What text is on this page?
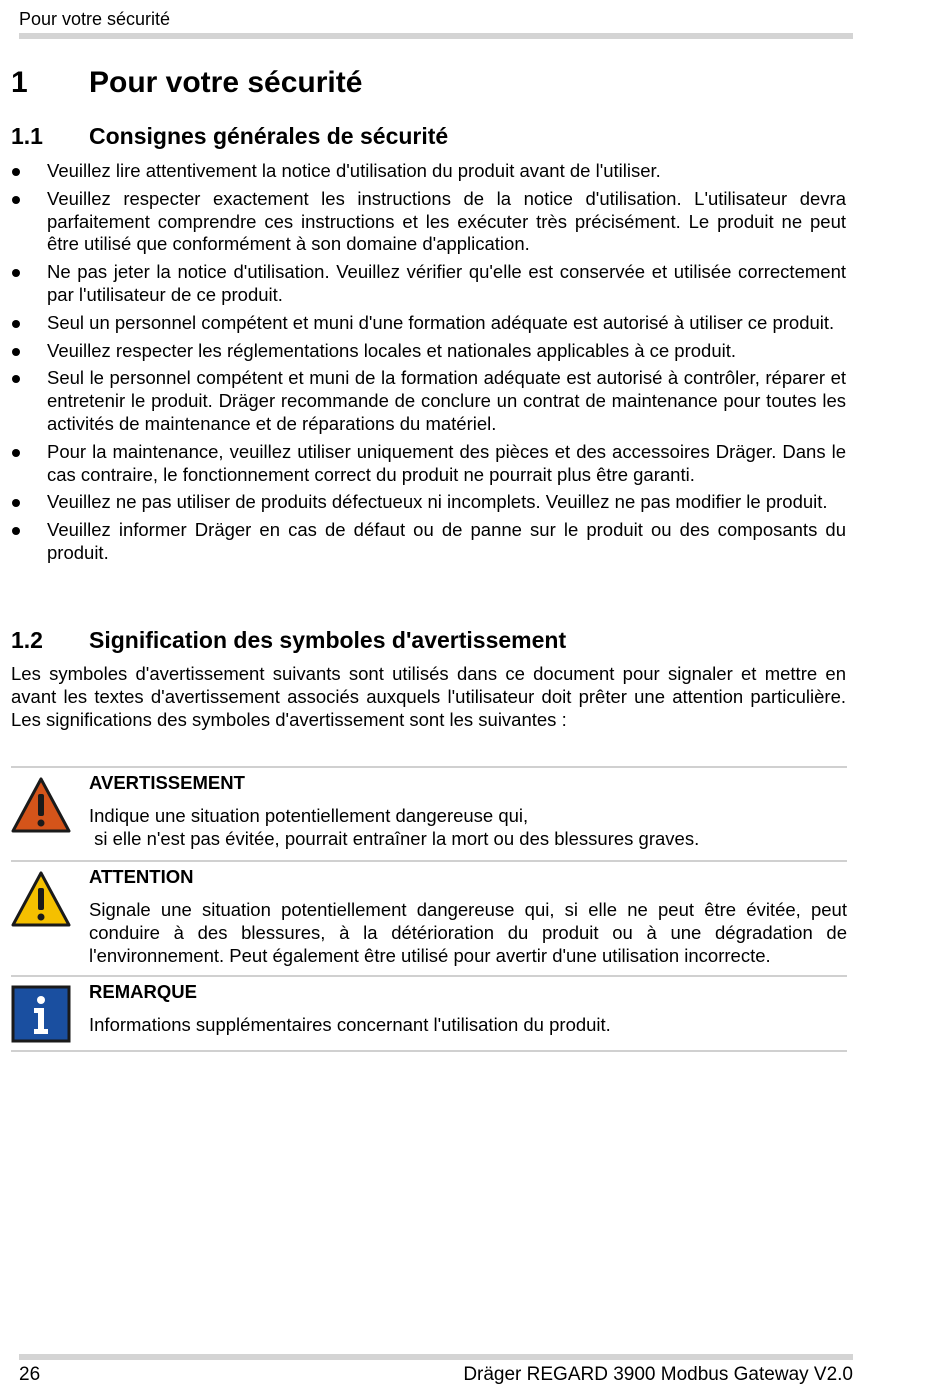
Pour votre sécurité
1 Pour votre sécurité
1.1 Consignes générales de sécurité
Veuillez lire attentivement la notice d'utilisation du produit avant de l'utiliser.
Veuillez respecter exactement les instructions de la notice d'utilisation. L'utilisateur devra parfaitement comprendre ces instructions et les exécuter très précisément. Le produit ne peut être utilisé que conformément à son domaine d'application.
Ne pas jeter la notice d'utilisation. Veuillez vérifier qu'elle est conservée et utilisée correctement par l'utilisateur de ce produit.
Seul un personnel compétent et muni d'une formation adéquate est autorisé à utiliser ce produit.
Veuillez respecter les réglementations locales et nationales applicables à ce produit.
Seul le personnel compétent et muni de la formation adéquate est autorisé à contrôler, réparer et entretenir le produit. Dräger recommande de conclure un contrat de maintenance pour toutes les activités de maintenance et de réparations du matériel.
Pour la maintenance, veuillez utiliser uniquement des pièces et des accessoires Dräger. Dans le cas contraire, le fonctionnement correct du produit ne pourrait plus être garanti.
Veuillez ne pas utiliser de produits défectueux ni incomplets. Veuillez ne pas modifier le produit.
Veuillez informer Dräger en cas de défaut ou de panne sur le produit ou des composants du produit.
1.2 Signification des symboles d'avertissement

Les symboles d'avertissement suivants sont utilisés dans ce document pour signaler et mettre en avant les textes d'avertissement associés auxquels l'utilisateur doit prêter une attention particulière. Les significations des symboles d'avertissement sont les suivantes :

AVERTISSEMENT
Indique une situation potentiellement dangereuse qui,
si elle n'est pas évitée, pourrait entraîner la mort ou des blessures graves.
ATTENTION
Signale une situation potentiellement dangereuse qui, si elle ne peut être évitée, peut conduire à des blessures, à la détérioration du produit ou à une dégradation de l'environnement. Peut également être utilisé pour avertir d'une utilisation incorrecte.
REMARQUE
Informations supplémentaires concernant l'utilisation du produit.
26	Dräger REGARD 3900 Modbus Gateway V2.0
